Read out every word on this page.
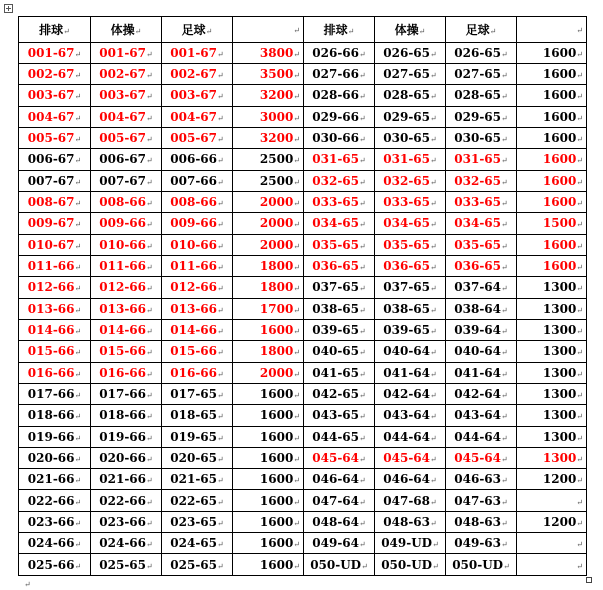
排球↵	体操↵	足球↵	↵	排球↵	体操↵	足球↵	↵
001-67↵	001-67↵	001-67↵	3800↵	026-66↵	026-65↵	026-65↵	1600↵
002-67↵	002-67↵	002-67↵	3500↵	027-66↵	027-65↵	027-65↵	1600↵
003-67↵	003-67↵	003-67↵	3200↵	028-66↵	028-65↵	028-65↵	1600↵
004-67↵	004-67↵	004-67↵	3000↵	029-66↵	029-65↵	029-65↵	1600↵
005-67↵	005-67↵	005-67↵	3200↵	030-66↵	030-65↵	030-65↵	1600↵
006-67↵	006-67↵	006-66↵	2500↵	031-65↵	031-65↵	031-65↵	1600↵
007-67↵	007-67↵	007-66↵	2500↵	032-65↵	032-65↵	032-65↵	1600↵
008-67↵	008-66↵	008-66↵	2000↵	033-65↵	033-65↵	033-65↵	1600↵
009-67↵	009-66↵	009-66↵	2000↵	034-65↵	034-65↵	034-65↵	1500↵
010-67↵	010-66↵	010-66↵	2000↵	035-65↵	035-65↵	035-65↵	1600↵
011-66↵	011-66↵	011-66↵	1800↵	036-65↵	036-65↵	036-65↵	1600↵
012-66↵	012-66↵	012-66↵	1800↵	037-65↵	037-65↵	037-64↵	1300↵
013-66↵	013-66↵	013-66↵	1700↵	038-65↵	038-65↵	038-64↵	1300↵
014-66↵	014-66↵	014-66↵	1600↵	039-65↵	039-65↵	039-64↵	1300↵
015-66↵	015-66↵	015-66↵	1800↵	040-65↵	040-64↵	040-64↵	1300↵
016-66↵	016-66↵	016-66↵	2000↵	041-65↵	041-64↵	041-64↵	1300↵
017-66↵	017-66↵	017-65↵	1600↵	042-65↵	042-64↵	042-64↵	1300↵
018-66↵	018-66↵	018-65↵	1600↵	043-65↵	043-64↵	043-64↵	1300↵
019-66↵	019-66↵	019-65↵	1600↵	044-65↵	044-64↵	044-64↵	1300↵
020-66↵	020-66↵	020-65↵	1600↵	045-64↵	045-64↵	045-64↵	1300↵
021-66↵	021-66↵	021-65↵	1600↵	046-64↵	046-64↵	046-63↵	1200↵
022-66↵	022-66↵	022-65↵	1600↵	047-64↵	047-68↵	047-63↵	↵
023-66↵	023-66↵	023-65↵	1600↵	048-64↵	048-63↵	048-63↵	1200↵
024-66↵	024-66↵	024-65↵	1600↵	049-64↵	049-UD↵	049-63↵	↵
025-66↵	025-65↵	025-65↵	1600↵	050-UD↵	050-UD↵	050-UD↵	↵
↵
